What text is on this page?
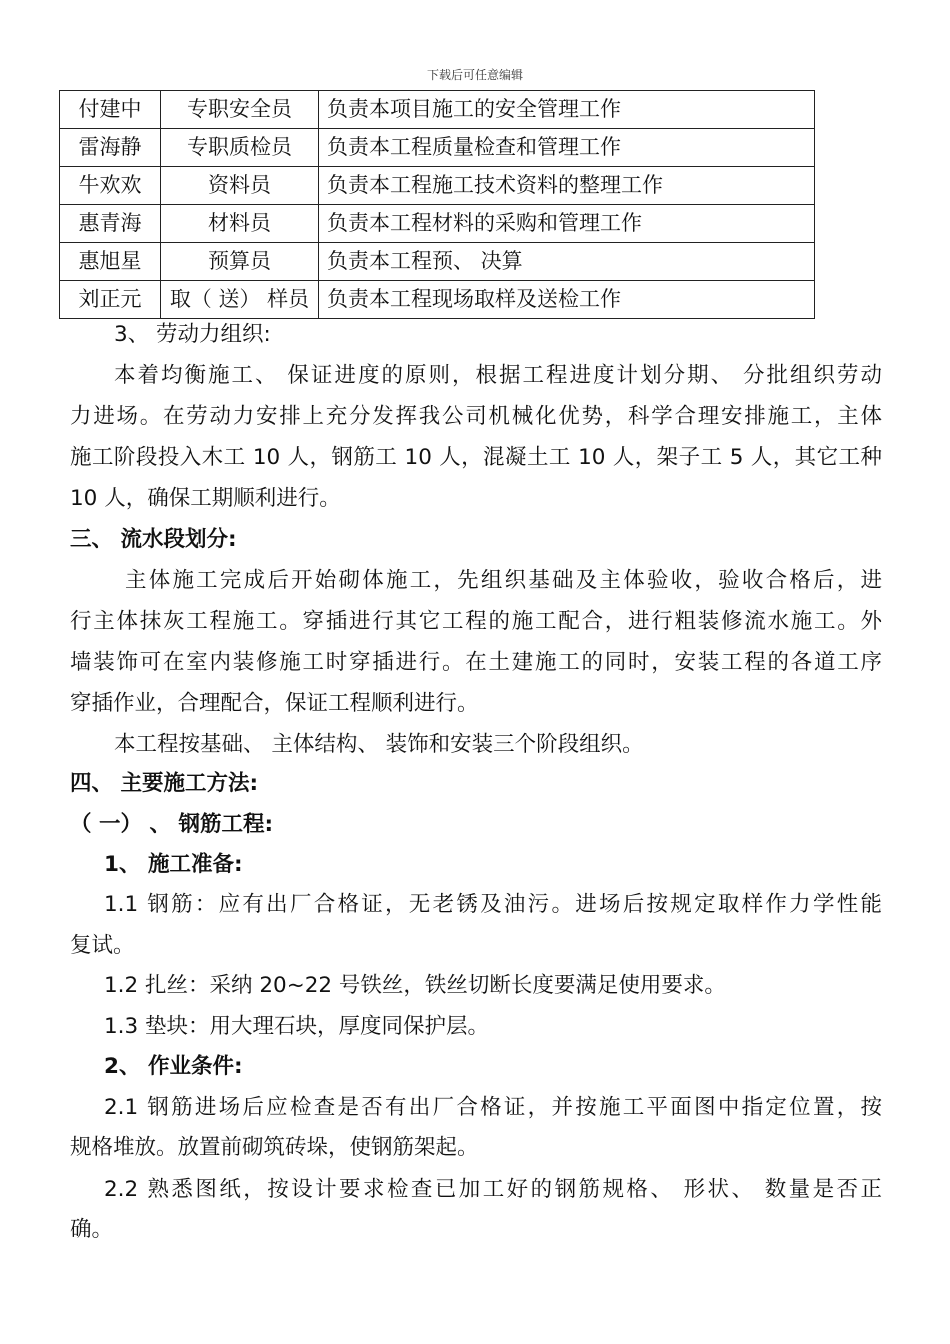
下载后可任意编辑
付建中	专职安全员	负责本项目施工的安全管理工作
雷海静	专职质检员	负责本工程质量检查和管理工作
牛欢欢	资料员	负责本工程施工技术资料的整理工作
惠青海	材料员	负责本工程材料的采购和管理工作
惠旭星	预算员	负责本工程预、 决算
刘正元	取（ 送） 样员	负责本工程现场取样及送检工作
3、 劳动力组织:
本着均衡施工、 保证进度的原则，根据工程进度计划分期、 分批组织劳动
力进场。在劳动力安排上充分发挥我公司机械化优势，科学合理安排施工，主体
施工阶段投入木工 10 人，钢筋工 10 人，混凝土工 10 人，架子工 5 人，其它工种
10 人，确保工期顺利进行。
三、 流水段划分:
主体施工完成后开始砌体施工，先组织基础及主体验收，验收合格后，进
行主体抹灰工程施工。穿插进行其它工程的施工配合，进行粗装修流水施工。外
墙装饰可在室内装修施工时穿插进行。在土建施工的同时，安装工程的各道工序
穿插作业，合理配合，保证工程顺利进行。
本工程按基础、 主体结构、 装饰和安装三个阶段组织。
四、 主要施工方法:
（ 一） 、 钢筋工程:
1、 施工准备:
1.1 钢筋：应有出厂合格证，无老锈及油污。进场后按规定取样作力学性能
复试。
1.2 扎丝：采纳 20~22 号铁丝，铁丝切断长度要满足使用要求。
1.3 垫块：用大理石块，厚度同保护层。
2、 作业条件:
2.1 钢筋进场后应检查是否有出厂合格证，并按施工平面图中指定位置，按
规格堆放。放置前砌筑砖垛，使钢筋架起。
2.2 熟悉图纸，按设计要求检查已加工好的钢筋规格、 形状、 数量是否正
确。
